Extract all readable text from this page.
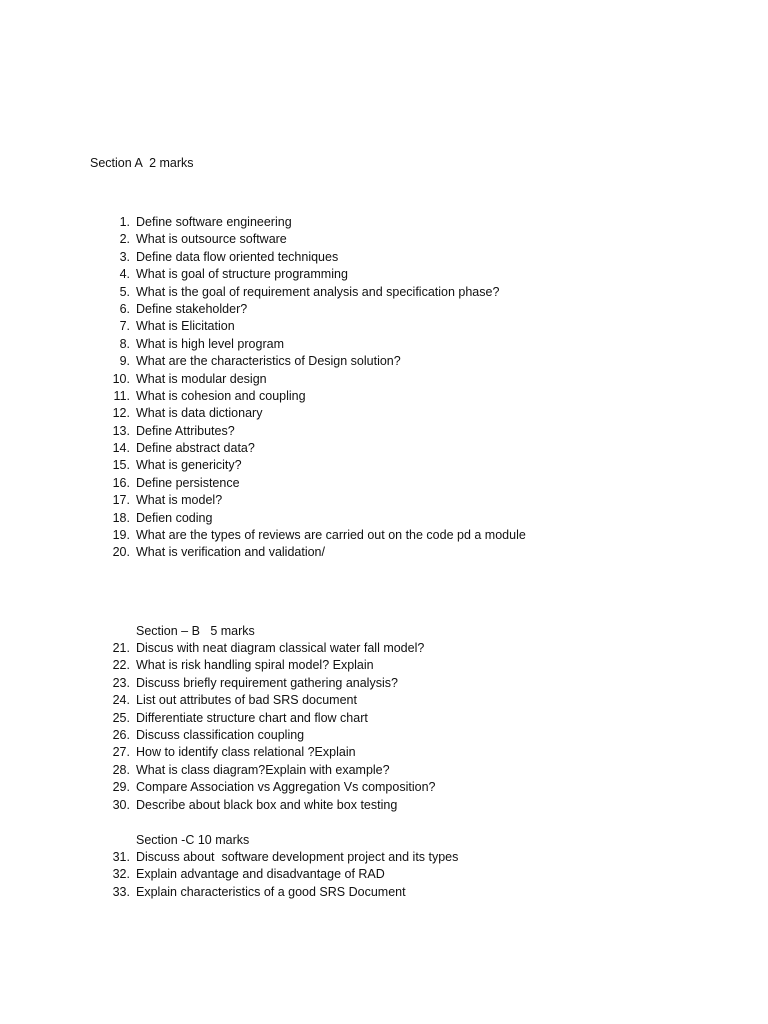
Section A  2 marks
1. Define software engineering
2. What is outsource software
3. Define data flow oriented techniques
4. What is goal of structure programming
5. What is the goal of requirement analysis and specification phase?
6. Define stakeholder?
7. What is Elicitation
8. What is high level program
9. What are the characteristics of Design solution?
10. What is modular design
11. What is cohesion and coupling
12. What is data dictionary
13. Define Attributes?
14. Define abstract data?
15. What is genericity?
16. Define persistence
17. What is model?
18. Defien coding
19. What are the types of reviews are carried out on the code pd a module
20. What is verification and validation/
Section – B   5 marks
21. Discus with neat diagram classical water fall model?
22. What is risk handling spiral model? Explain
23. Discuss briefly requirement gathering analysis?
24. List out attributes of bad SRS document
25. Differentiate structure chart and flow chart
26. Discuss classification coupling
27. How to identify class relational ?Explain
28. What is class diagram?Explain with example?
29. Compare Association vs Aggregation Vs composition?
30. Describe about black box and white box testing
Section -C 10 marks
31. Discuss about  software development project and its types
32. Explain advantage and disadvantage of RAD
33. Explain characteristics of a good SRS Document
